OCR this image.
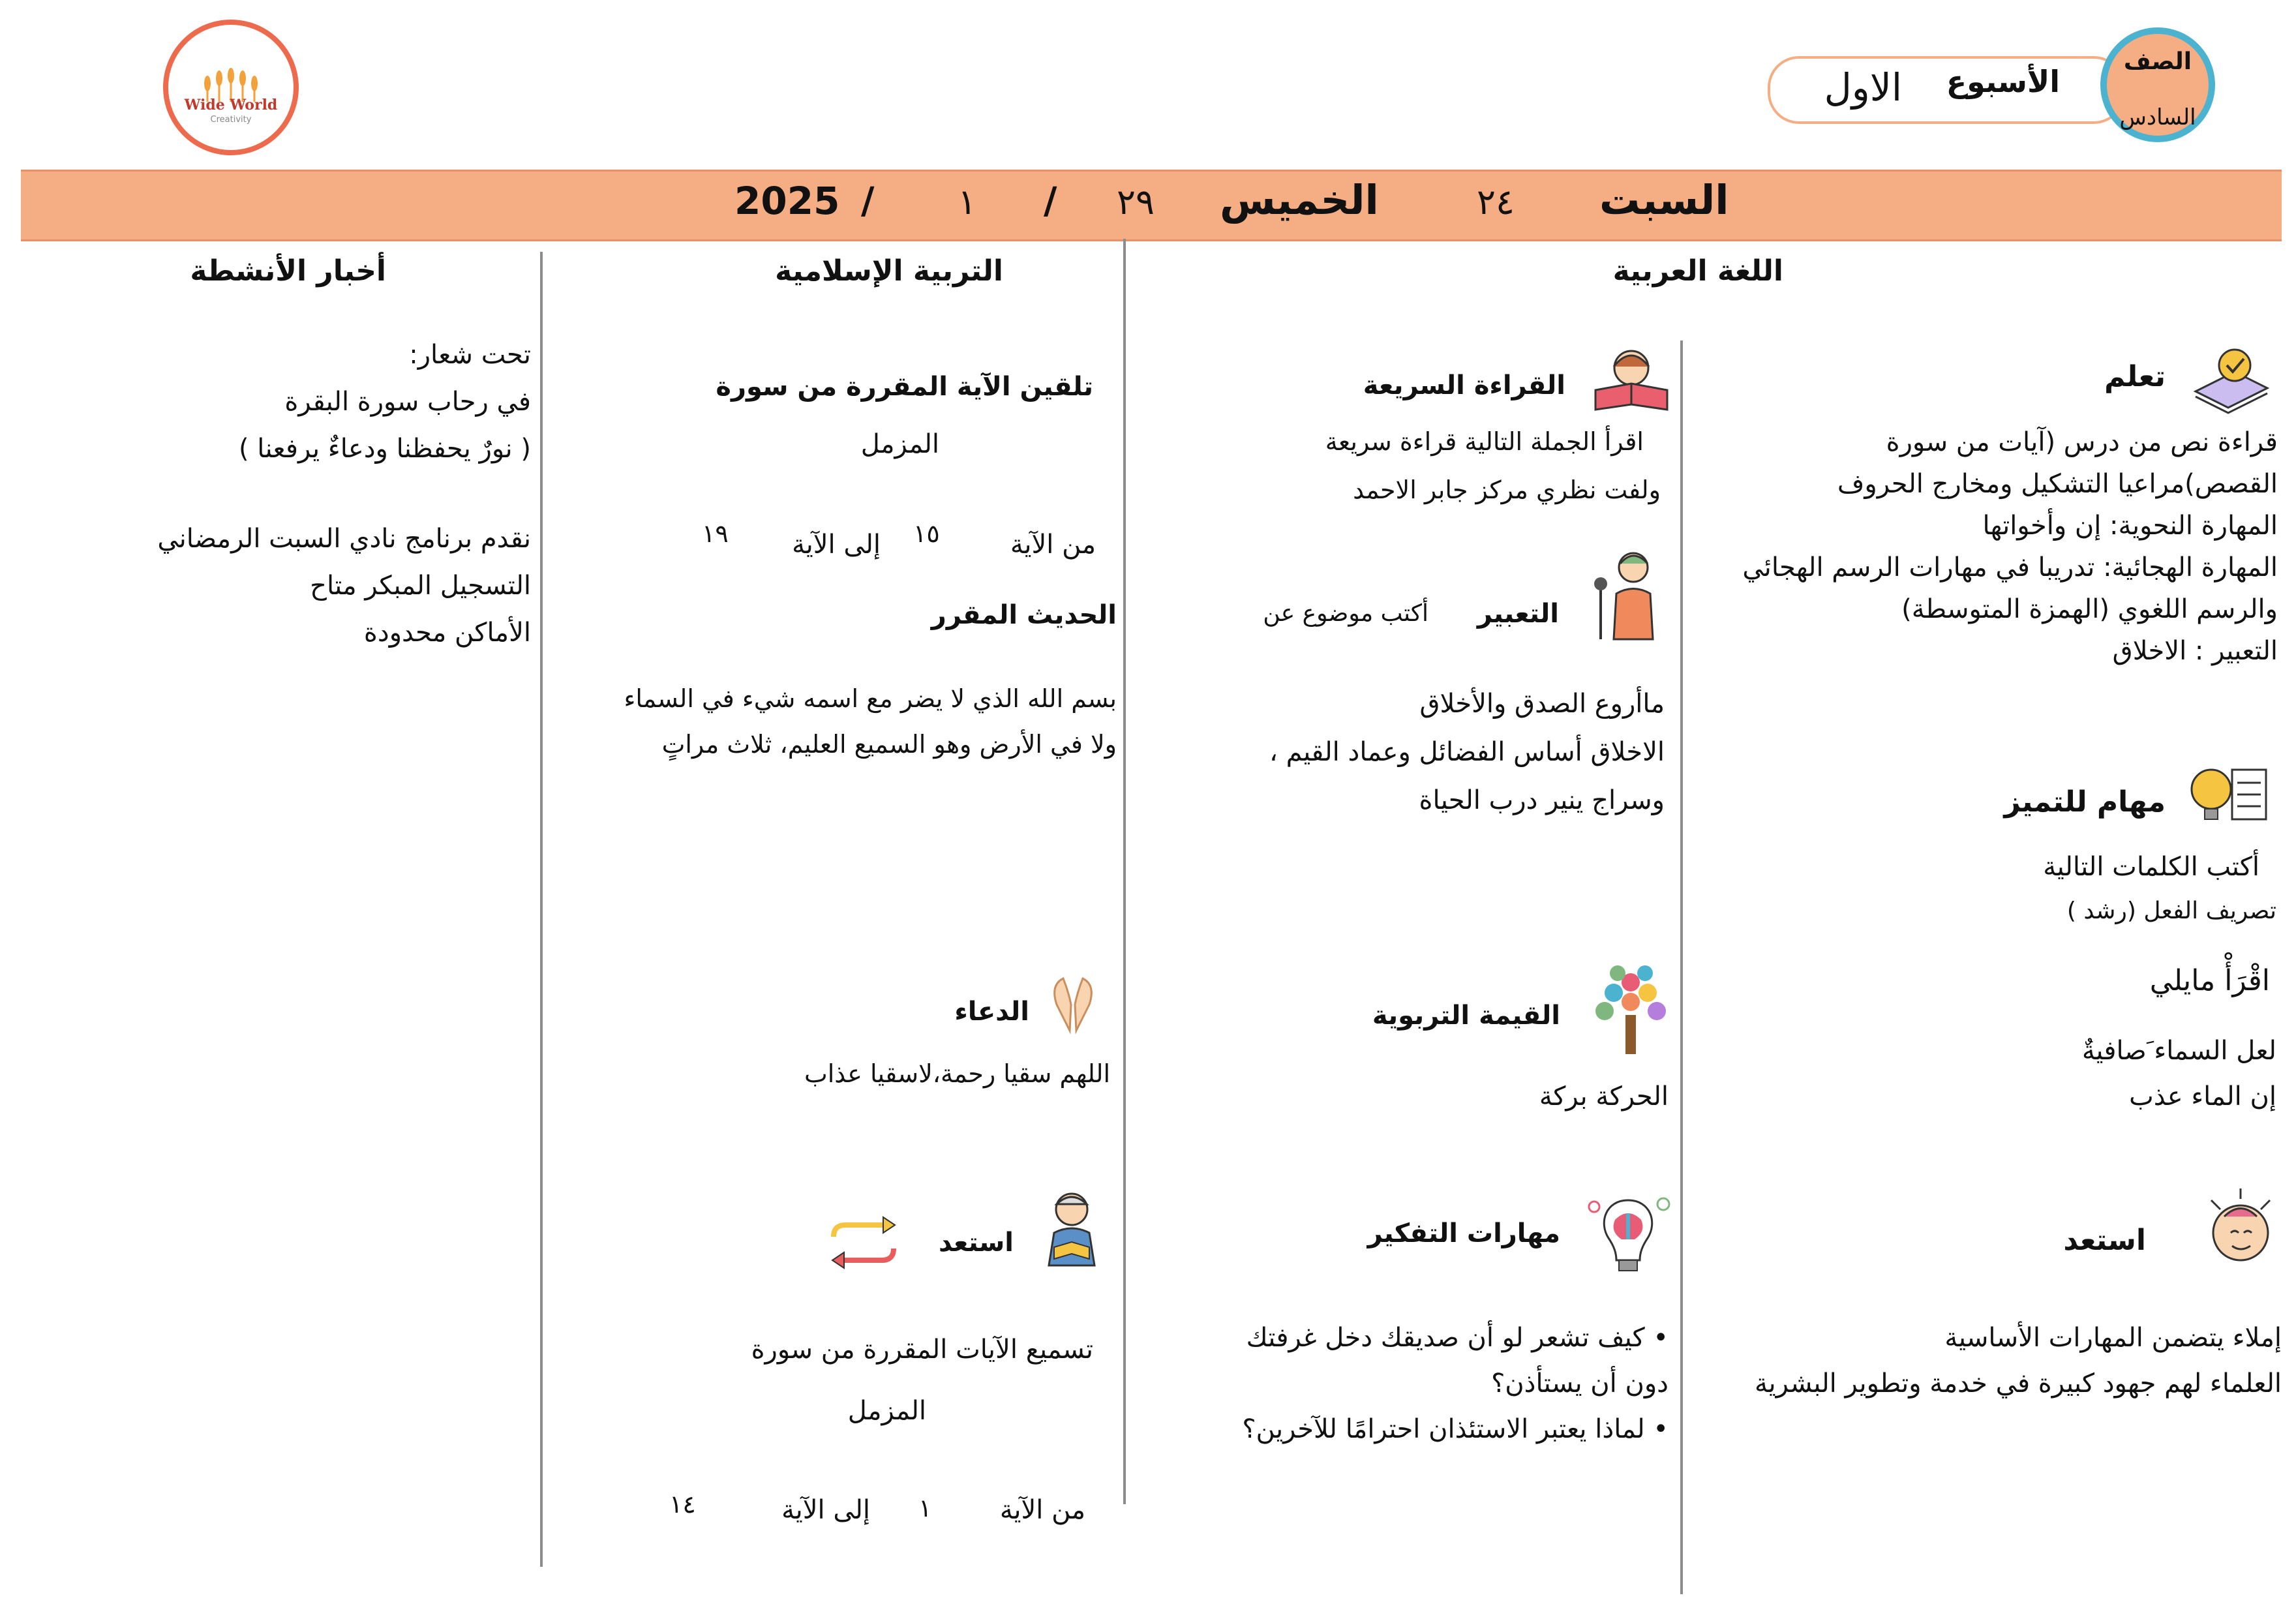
Wide World
Creativity
الأسبوع
الاول
الصف
السادس
السبت
٢٤
الخميس
٢٩
/
١
/
2025
اللغة العربية
التربية الإسلامية
أخبار الأنشطة
تعلم
قراءة نص من درس (آيات من سورة
القصص)مراعيا التشكيل ومخارج الحروف
المهارة النحوية: إن وأخواتها
المهارة الهجائية: تدريبا في مهارات الرسم الهجائي
والرسم اللغوي (الهمزة المتوسطة)
التعبير : الاخلاق
مهام للتميز
أكتب الكلمات التالية
تصريف الفعل (رشد )
اقْرَأْ مايلي
لعل السماء َصافيةٌ
إن الماء عذب
استعد
إملاء يتضمن المهارات الأساسية
العلماء لهم جهود كبيرة في خدمة وتطوير البشرية
القراءة السريعة
اقرأ الجملة التالية قراءة سريعة
ولفت نظري مركز جابر الاحمد
التعبير
أكتب موضوع عن
ماأروع الصدق والأخلاق
الاخلاق أساس الفضائل وعماد القيم ،
وسراج ينير درب الحياة
القيمة التربوية
الحركة بركة
مهارات التفكير
• كيف تشعر لو أن صديقك دخل غرفتك
دون أن يستأذن؟
• لماذا يعتبر الاستئذان احترامًا للآخرين؟
تلقين الآية المقررة من سورة
المزمل
من الآية
١٥
إلى الآية
١٩
الحديث المقرر
بسم الله الذي لا يضر مع اسمه شيء في السماء
ولا في الأرض وهو السميع العليم، ثلاث مراتٍ
الدعاء
اللهم سقيا رحمة،لاسقيا عذاب
استعد
تسميع الآيات المقررة من سورة
المزمل
من الآية
١
إلى الآية
١٤
تحت شعار:
في رحاب سورة البقرة
( نورٌ يحفظنا ودعاءٌ يرفعنا )
نقدم برنامج نادي السبت الرمضاني
التسجيل المبكر متاح
الأماكن محدودة
